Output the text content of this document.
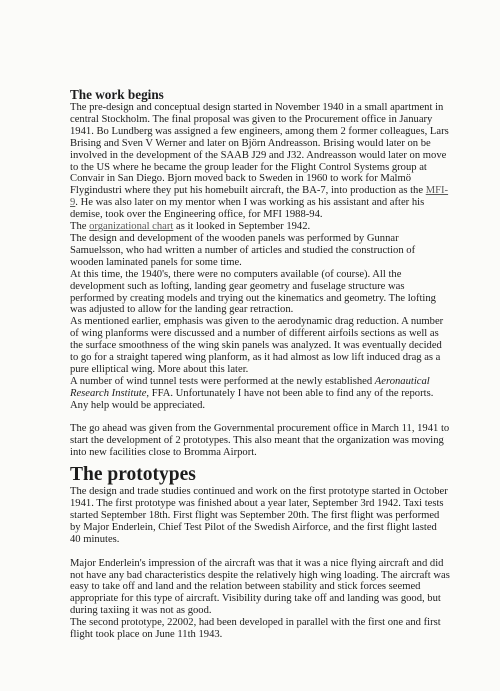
The work begins

The pre-design and conceptual design started in November 1940 in a small apartment in central Stockholm. The final proposal was given to the Procurement office in January 1941. Bo Lundberg was assigned a few engineers, among them 2 former colleagues, Lars Brising and Sven V Werner and later on Björn Andreasson. Brising would later on be involved in the development of the SAAB J29 and J32. Andreasson would later on move to the US where he became the group leader for the Flight Control Systems group at Convair in San Diego. Bjorn moved back to Sweden in 1960 to work for Malmö Flygindustri where they put his homebuilt aircraft, the BA-7, into production as the MFI-9. He was also later on my mentor when I was working as his assistant and after his demise, took over the Engineering office, for MFI 1988-94.

The organizational chart as it looked in September 1942.

The design and development of the wooden panels was performed by Gunnar Samuelsson, who had written a number of articles and studied the construction of wooden laminated panels for some time.

At this time, the 1940's, there were no computers available (of course). All the development such as lofting, landing gear geometry and fuselage structure was performed by creating models and trying out the kinematics and geometry. The lofting was adjusted to allow for the landing gear retraction.

As mentioned earlier, emphasis was given to the aerodynamic drag reduction. A number of wing planforms were discussed and a number of different airfoils sections as well as the surface smoothness of the wing skin panels was analyzed. It was eventually decided to go for a straight tapered wing planform, as it had almost as low lift induced drag as a pure elliptical wing. More about this later.

A number of wind tunnel tests were performed at the newly established Aeronautical Research Institute, FFA. Unfortunately I have not been able to find any of the reports. Any help would be appreciated.

The go ahead was given from the Governmental procurement office in March 11, 1941 to start the development of 2 prototypes. This also meant that the organization was moving into new facilities close to Bromma Airport.

The prototypes

The design and trade studies continued and work on the first prototype started in October 1941. The first prototype was finished about a year later, September 3rd 1942. Taxi tests started September 18th. First flight was September 20th. The first flight was performed by Major Enderlein, Chief Test Pilot of the Swedish Airforce, and the first flight lasted 40 minutes.

Major Enderlein's impression of the aircraft was that it was a nice flying aircraft and did not have any bad characteristics despite the relatively high wing loading. The aircraft was easy to take off and land and the relation between stability and stick forces seemed appropriate for this type of aircraft. Visibility during take off and landing was good, but during taxiing it was not as good.

The second prototype, 22002, had been developed in parallel with the first one and first flight took place on June 11th 1943.
